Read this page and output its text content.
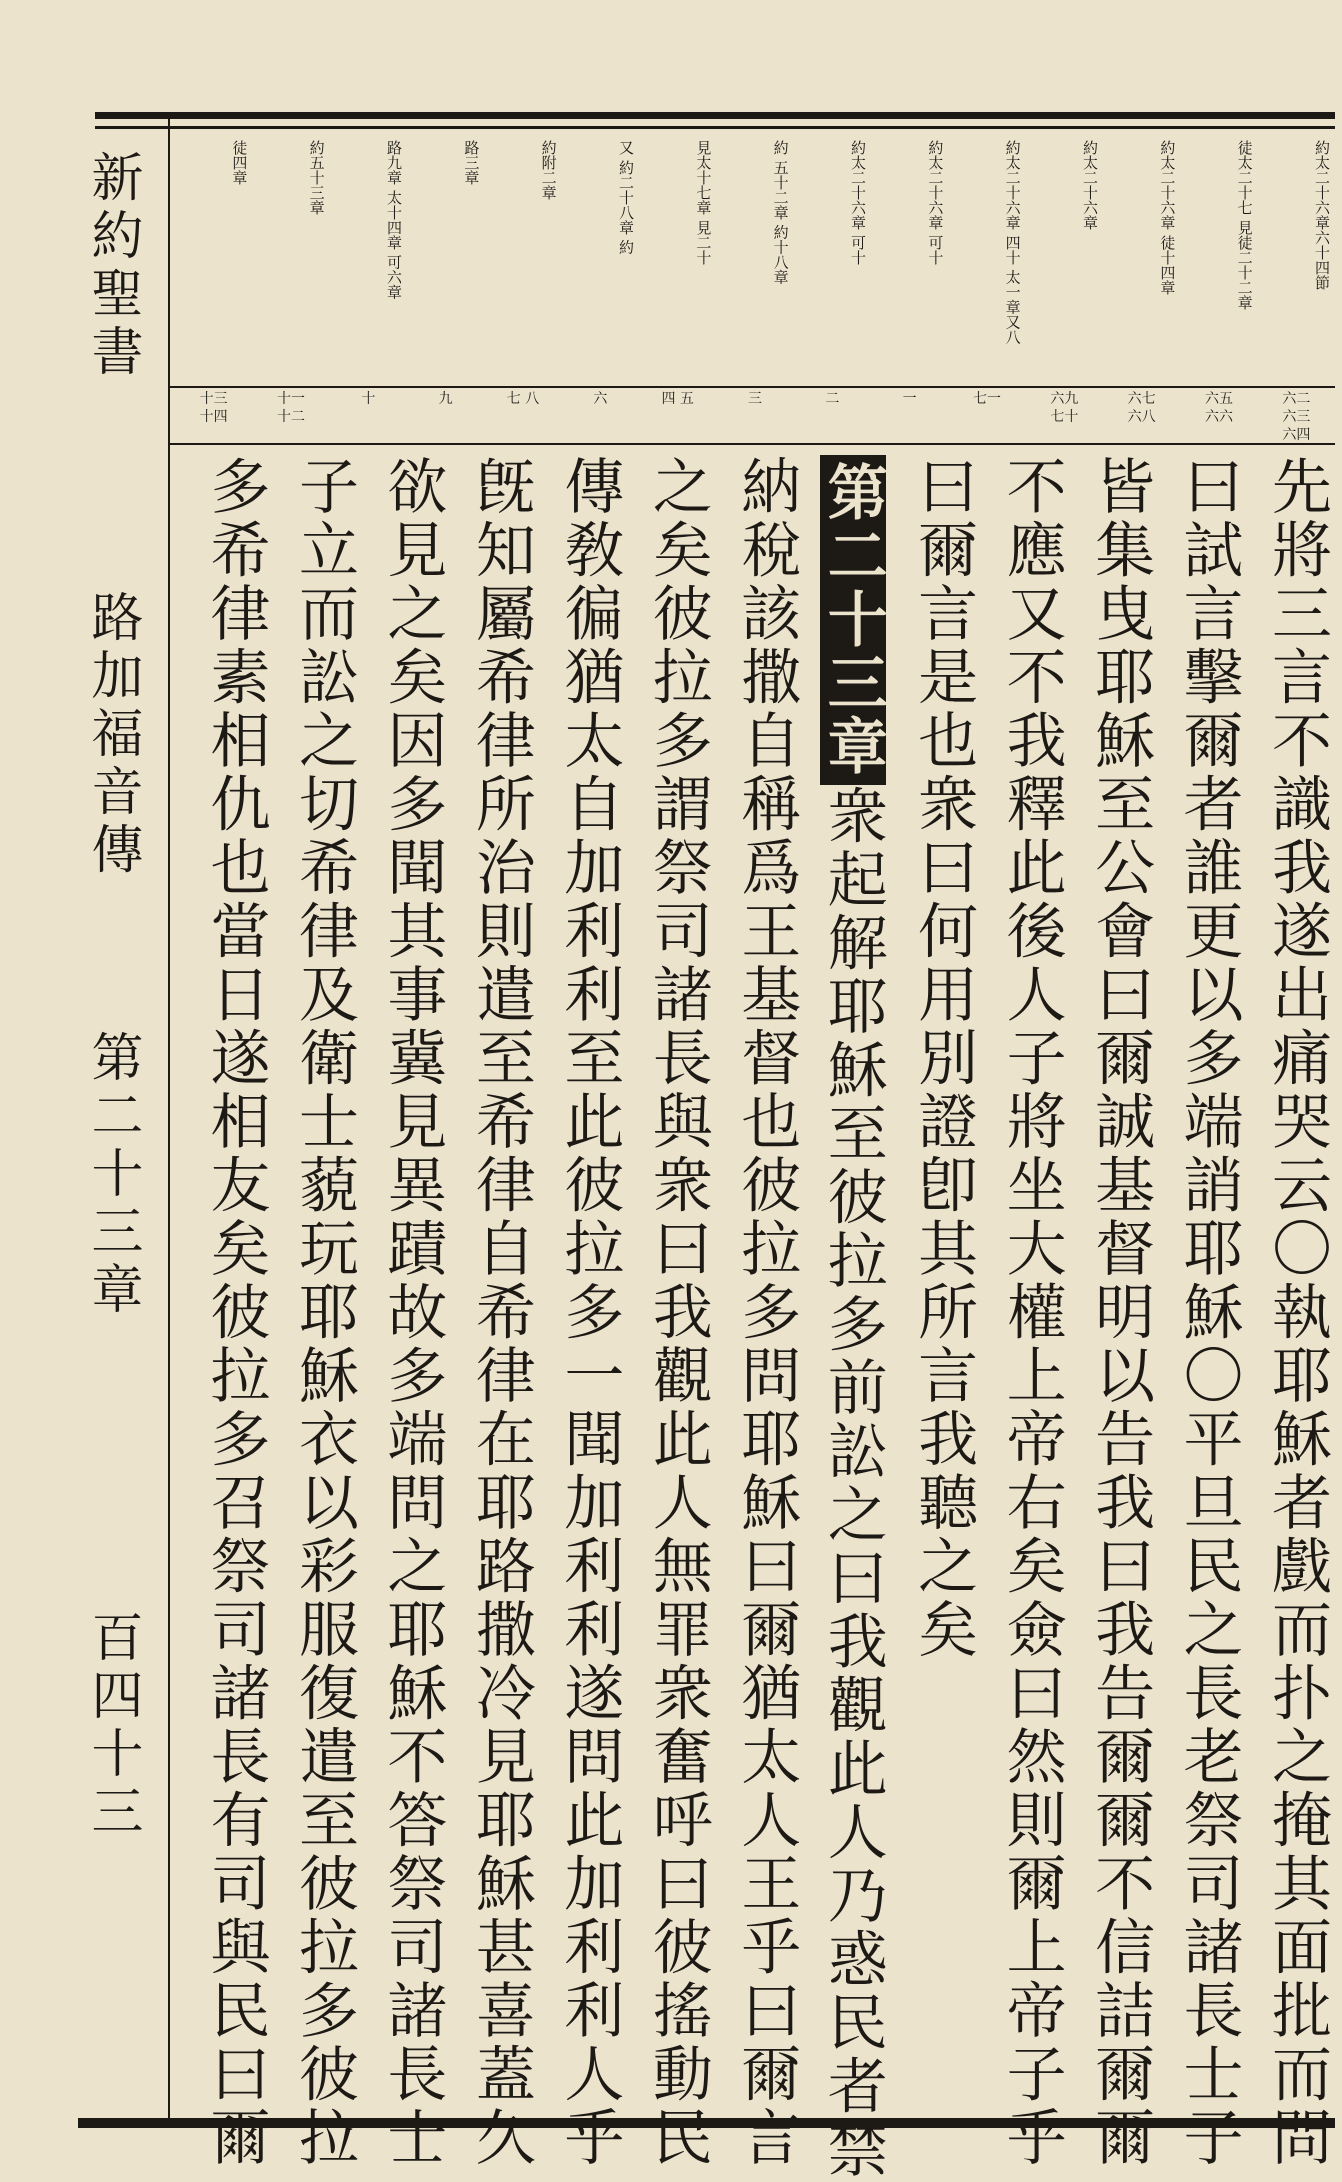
新約聖書
路加福音傳
第二十三章
百四十三
約太二十六章六十四節
徒太二十七 見徒二十二章
約太二十六章 徒十四章
約太二十六章
約太二十六章 四十 太一章又八
約太二十六章 可十
約太二十六章 可十
約 五十二章 約十八章
見太十七章 見二十
又 約二十八章 約
約附二章
路三章
路九章 太十四章 可六章
約五十三章
徒四章
六二 六三 六四
六五 六六
六七 六八
六九 七十
七一
一
二
三
四 五
六
七 八
九
十
十一 十二
十三 十四
先將三言不識我遂出痛哭云〇執耶穌者戲而扑之掩其面批而問
曰試言擊爾者誰更以多端誚耶穌〇平旦民之長老祭司諸長士子
皆集曳耶穌至公會曰爾誠基督明以告我曰我告爾爾不信詰爾爾
不應又不我釋此後人子將坐大權上帝右矣僉曰然則爾上帝子乎
曰爾言是也衆曰何用別證卽其所言我聽之矣
第二十三章衆起解耶穌至彼拉多前訟之曰我觀此人乃惑民者禁
納稅該撒自稱爲王基督也彼拉多問耶穌曰爾猶太人王乎曰爾言
之矣彼拉多謂祭司諸長與衆曰我觀此人無罪衆奮呼曰彼搖動民
傳敎徧猶太自加利利至此彼拉多一聞加利利遂問此加利利人乎
旣知屬希律所治則遣至希律自希律在耶路撒冷見耶穌甚喜蓋久
欲見之矣因多聞其事冀見異蹟故多端問之耶穌不答祭司諸長士
子立而訟之切希律及衛士藐玩耶穌衣以彩服復遣至彼拉多彼拉
多希律素相仇也當日遂相友矣彼拉多召祭司諸長有司與民曰爾
